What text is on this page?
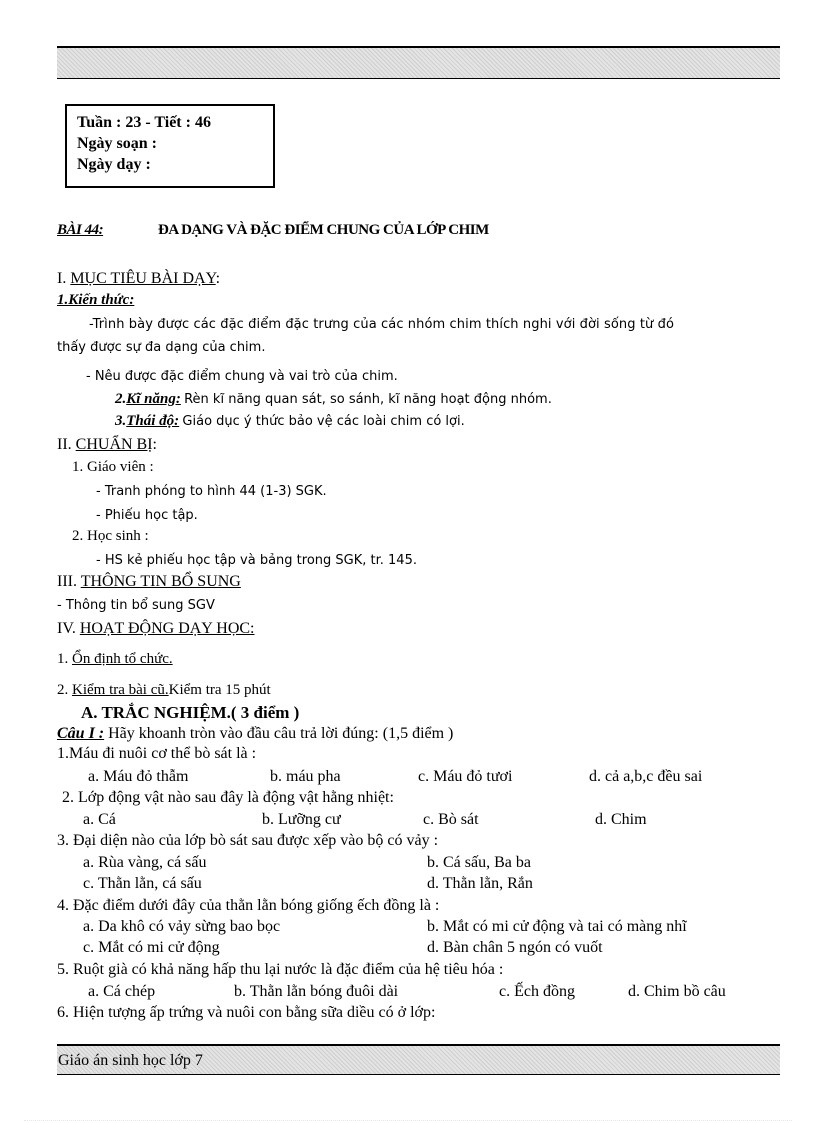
Tuần : 23 - Tiết : 46
Ngày soạn :
Ngày dạy :
BÀI 44:	ĐA DẠNG VÀ ĐẶC ĐIỂM CHUNG CỦA LỚP CHIM
I. MỤC TIÊU BÀI DẠY:
1.Kiến thức:
-Trình bày được các đặc điểm đặc trưng của các nhóm chim thích nghi với đời sống từ đó
thấy được sự đa dạng của chim.
- Nêu được đặc điểm chung và vai trò của chim.
2.Kĩ năng: Rèn kĩ năng quan sát, so sánh, kĩ năng hoạt động nhóm.
3.Thái độ: Giáo dục ý thức bảo vệ các loài chim có lợi.
II. CHUẨN BỊ:
1. Giáo viên :
- Tranh phóng to hình 44 (1-3) SGK.
- Phiếu học tập.
2. Học sinh :
- HS kẻ phiếu học tập và bảng trong SGK, tr. 145.
III. THÔNG TIN BỔ SUNG
- Thông tin bổ sung SGV
IV. HOẠT ĐỘNG DẠY HỌC:
1. Ổn định tổ chức.
2. Kiểm tra bài cũ.Kiểm tra 15 phút
A. TRẮC NGHIỆM.( 3 điểm )
Câu I : Hãy khoanh tròn vào đầu câu trả lời đúng: (1,5 điểm )
1.Máu đi nuôi cơ thể bò sát là :
a. Máu đỏ thẫm	b. máu pha	c. Máu đỏ tươi	d. cả a,b,c đều sai
2. Lớp động vật nào sau đây là động vật hằng nhiệt:
a. Cá	b. Lưỡng cư	c. Bò sát	d. Chim
3. Đại diện nào của lớp bò sát sau được xếp vào bộ có vảy :
a. Rùa vàng, cá sấu	b. Cá sấu, Ba ba
c. Thằn lằn, cá sấu	d. Thằn lằn, Rắn
4. Đặc điểm dưới đây của thằn lằn bóng giống ếch đồng là :
a. Da khô có vảy sừng bao bọc	b. Mắt có mi cử động và tai có màng nhĩ
c. Mắt có mi cử động	d. Bàn chân 5 ngón có vuốt
5. Ruột già có khả năng hấp thu lại nước là đặc điểm của hệ tiêu hóa :
a. Cá chép	b. Thằn lằn bóng đuôi dài	c. Ếch đồng	d. Chim bồ câu
6. Hiện tượng ấp trứng và nuôi con bằng sữa diều có ở lớp:
Giáo án sinh học lớp 7
